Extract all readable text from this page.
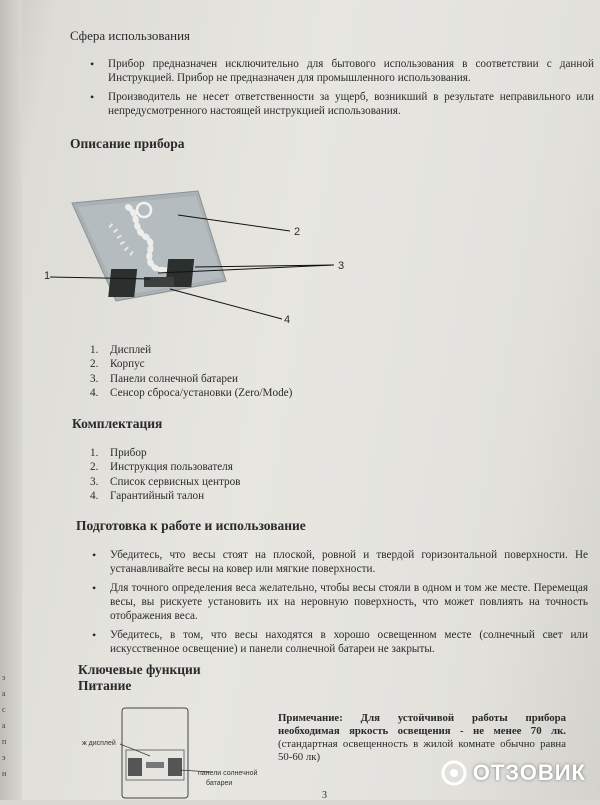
з
а
с
а
п
э
и
Сфера использования
• Прибор предназначен исключительно для бытового использования в соответствии с данной Инструкцией. Прибор не предназначен для промышленного использования.
• Производитель не несет ответственности за ущерб, возникший в результате неправильного или непредусмотренного настоящей инструкцией использования.
Описание прибора
1
2
3
4
1.	Дисплей
2.	Корпус
3.	Панели солнечной батареи
4.	Сенсор сброса/установки (Zero/Mode)
Комплектация
1.	Прибор
2.	Инструкция пользователя
3.	Список сервисных центров
4.	Гарантийный талон
Подготовка к работе и использование
• Убедитесь, что весы стоят на плоской, ровной и твердой горизонтальной поверхности. Не устанавливайте весы на ковер или мягкие поверхности.
• Для точного определения веса желательно, чтобы весы стояли в одном и том же месте. Перемещая весы, вы рискуете установить их на неровную поверхность, что может повлиять на точность отображения веса.
• Убедитесь, в том, что весы находятся в хорошо освещенном месте (солнечный свет или искусственное освещение) и панели солнечной батареи не закрыты.
Ключевые функции
Питание
ж дисплей
панели солнечной
батареи
Примечание: Для устойчивой работы прибора необходимая яркость освещения - не менее 70 лк. (стандартная освещенность в жилой комнате обычно равна 50-60 лк)
3
ОТЗОВИК
